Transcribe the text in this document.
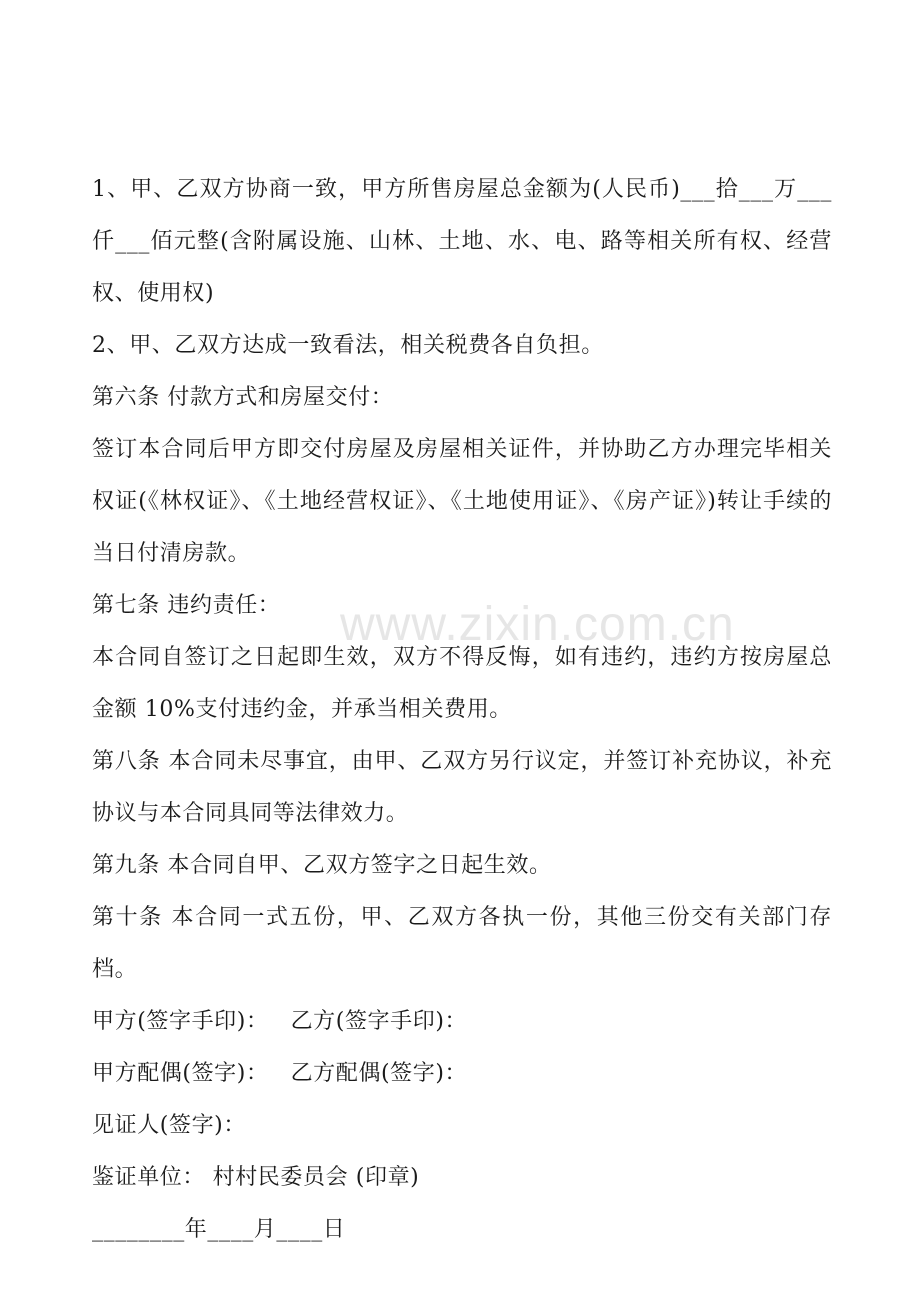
1、甲、乙双方协商一致，甲方所售房屋总金额为(人民币)___拾___万___仟___佰元整(含附属设施、山林、土地、水、电、路等相关所有权、经营权、使用权)

2、甲、乙双方达成一致看法，相关税费各自负担。

第六条 付款方式和房屋交付：

签订本合同后甲方即交付房屋及房屋相关证件，并协助乙方办理完毕相关权证(《林权证》、《土地经营权证》、《土地使用证》、《房产证》)转让手续的当日付清房款。

第七条 违约责任：

本合同自签订之日起即生效，双方不得反悔，如有违约，违约方按房屋总金额 10%支付违约金，并承当相关费用。

第八条 本合同未尽事宜，由甲、乙双方另行议定，并签订补充协议，补充协议与本合同具同等法律效力。

第九条 本合同自甲、乙双方签字之日起生效。

第十条 本合同一式五份，甲、乙双方各执一份，其他三份交有关部门存档。

甲方(签字手印)： 乙方(签字手印)：

甲方配偶(签字)： 乙方配偶(签字)：

见证人(签字)：

鉴证单位： 村村民委员会 (印章)

________年____月____日

www.zixin.com.cn
